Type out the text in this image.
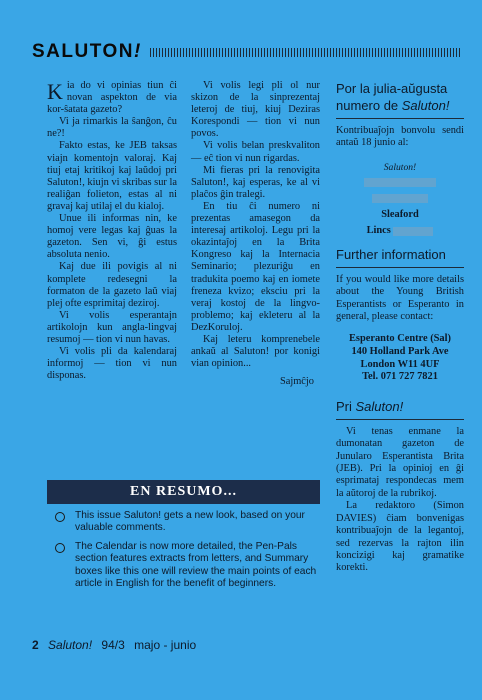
SALUTON!

Kia do vi opinias tiun ĉi novan aspekton de via kor-ŝatata gazeto?

Vi ja rimarkis la ŝanĝon, ĉu ne?!

Fakto estas, ke JEB taksas viajn komentojn valoraj. Kaj tiuj etaj kritikoj kaj laŭdoj pri Saluton!, kiujn vi skribas sur la realiĝan folieton, estas al ni gravaj kaj utilaj el du kialoj.

Unue ili informas nin, ke homoj vere legas kaj ĝuas la gazeton. Sen vi, ĝi estus absoluta nenio.

Kaj due ili povigis al ni komplete redesegni la formaton de la gazeto laŭ viaj plej ofte esprimitaj deziroj.

Vi volis esperantajn artikolojn kun angla-lingvaj resumoj — tion vi nun havas.

Vi volis pli da kalendaraj informoj — tion vi nun disponas.

Vi volis legi pli ol nur skizon de la sinprezentaj leteroj de tiuj, kiuj Deziras Korespondi — tion vi nun povos.

Vi volis belan preskvaliton — eĉ tion vi nun rigardas.

Mi fieras pri la renovigita Saluton!, kaj esperas, ke al vi plaĉos ĝin tralegi.

En tiu ĉi numero ni prezentas amasegon da interesaj artikoloj. Legu pri la okazintaĵoj en la Brita Kongreso kaj la Internacia Seminario; plezuriĝu en tradukita poemo kaj en iomete freneza kvizo; eksciu pri la veraj kostoj de la lingvo-problemo; kaj ekleteru al la DezKoruloj.

Kaj leteru komprenebele ankaŭ al Saluton! por konigi vian opinion...

Sajmĉjo
EN RESUMO...
This issue Saluton! gets a new look, based on your valuable comments.
The Calendar is now more detailed, the Pen-Pals section features extracts from letters, and Summary boxes like this one will review the main points of each article in English for the benefit of beginners.
Por la julia-aŭgusta numero de Saluton!

Kontribuaĵojn bonvolu sendi antaŭ 18 junio al:

Saluton!
Sleaford
Lincs
Further information

If you would like more details about the Young British Esperantists or Esperanto in general, please contact:

Esperanto Centre (Sal)
140 Holland Park Ave
London W11 4UF
Tel. 071 727 7821
Pri Saluton!

Vi tenas enmane la dumonatan gazeton de Junularo Esperantista Brita (JEB). Pri la opinioj en ĝi esprimataj respondecas mem la aŭtoroj de la rubrikoj.

La redaktoro (Simon DAVIES) ĉiam bonvenigas kontribuaĵojn de la legantoj, sed rezervas la rajton ilin koncizigi kaj gramatike korekti.

2 Saluton! 94/3 majo - junio
